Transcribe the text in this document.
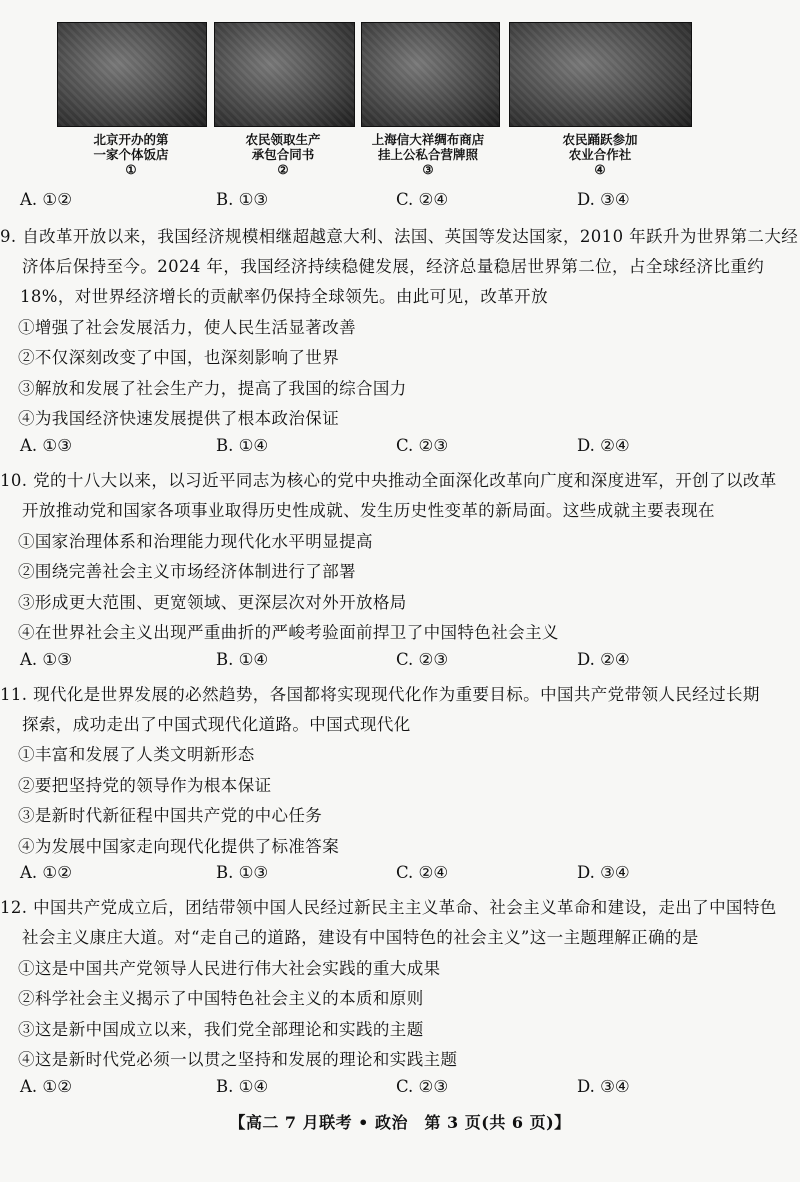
北京开办的第
一家个体饭店
①
农民领取生产
承包合同书
②
上海信大祥绸布商店
挂上公私合营牌照
③
农民踊跃参加
农业合作社
④
A. ①②	B. ①③	C. ②④	D. ③④
9. 自改革开放以来，我国经济规模相继超越意大利、法国、英国等发达国家，2010 年跃升为世界第二大经
济体后保持至今。2024 年，我国经济持续稳健发展，经济总量稳居世界第二位，占全球经济比重约
18%，对世界经济增长的贡献率仍保持全球领先。由此可见，改革开放
①增强了社会发展活力，使人民生活显著改善
②不仅深刻改变了中国，也深刻影响了世界
③解放和发展了社会生产力，提高了我国的综合国力
④为我国经济快速发展提供了根本政治保证
A. ①③	B. ①④	C. ②③	D. ②④
10. 党的十八大以来，以习近平同志为核心的党中央推动全面深化改革向广度和深度进军，开创了以改革
开放推动党和国家各项事业取得历史性成就、发生历史性变革的新局面。这些成就主要表现在
①国家治理体系和治理能力现代化水平明显提高
②围绕完善社会主义市场经济体制进行了部署
③形成更大范围、更宽领域、更深层次对外开放格局
④在世界社会主义出现严重曲折的严峻考验面前捍卫了中国特色社会主义
A. ①③	B. ①④	C. ②③	D. ②④
11. 现代化是世界发展的必然趋势，各国都将实现现代化作为重要目标。中国共产党带领人民经过长期
探索，成功走出了中国式现代化道路。中国式现代化
①丰富和发展了人类文明新形态
②要把坚持党的领导作为根本保证
③是新时代新征程中国共产党的中心任务
④为发展中国家走向现代化提供了标准答案
A. ①②	B. ①③	C. ②④	D. ③④
12. 中国共产党成立后，团结带领中国人民经过新民主主义革命、社会主义革命和建设，走出了中国特色
社会主义康庄大道。对“走自己的道路，建设有中国特色的社会主义”这一主题理解正确的是
①这是中国共产党领导人民进行伟大社会实践的重大成果
②科学社会主义揭示了中国特色社会主义的本质和原则
③这是新中国成立以来，我们党全部理论和实践的主题
④这是新时代党必须一以贯之坚持和发展的理论和实践主题
A. ①②	B. ①④	C. ②③	D. ③④
【高二 7 月联考 • 政治　第 3 页(共 6 页)】
